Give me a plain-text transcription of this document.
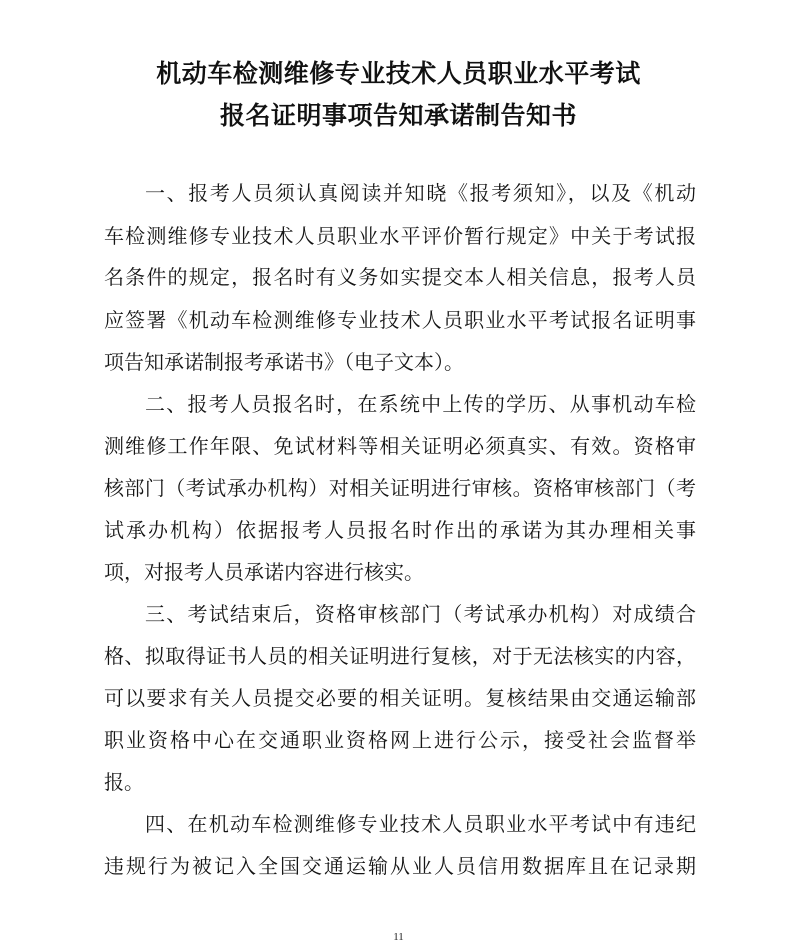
机动车检测维修专业技术人员职业水平考试
报名证明事项告知承诺制告知书
一、报考人员须认真阅读并知晓《报考须知》，以及《机动
车检测维修专业技术人员职业水平评价暂行规定》中关于考试报
名条件的规定，报名时有义务如实提交本人相关信息，报考人员
应签署《机动车检测维修专业技术人员职业水平考试报名证明事
项告知承诺制报考承诺书》（电子文本）。
二、报考人员报名时，在系统中上传的学历、从事机动车检
测维修工作年限、免试材料等相关证明必须真实、有效。资格审
核部门（考试承办机构）对相关证明进行审核。资格审核部门（考
试承办机构）依据报考人员报名时作出的承诺为其办理相关事
项，对报考人员承诺内容进行核实。
三、考试结束后，资格审核部门（考试承办机构）对成绩合
格、拟取得证书人员的相关证明进行复核，对于无法核实的内容，
可以要求有关人员提交必要的相关证明。复核结果由交通运输部
职业资格中心在交通职业资格网上进行公示，接受社会监督举
报。
四、在机动车检测维修专业技术人员职业水平考试中有违纪
违规行为被记入全国交通运输从业人员信用数据库且在记录期
11
